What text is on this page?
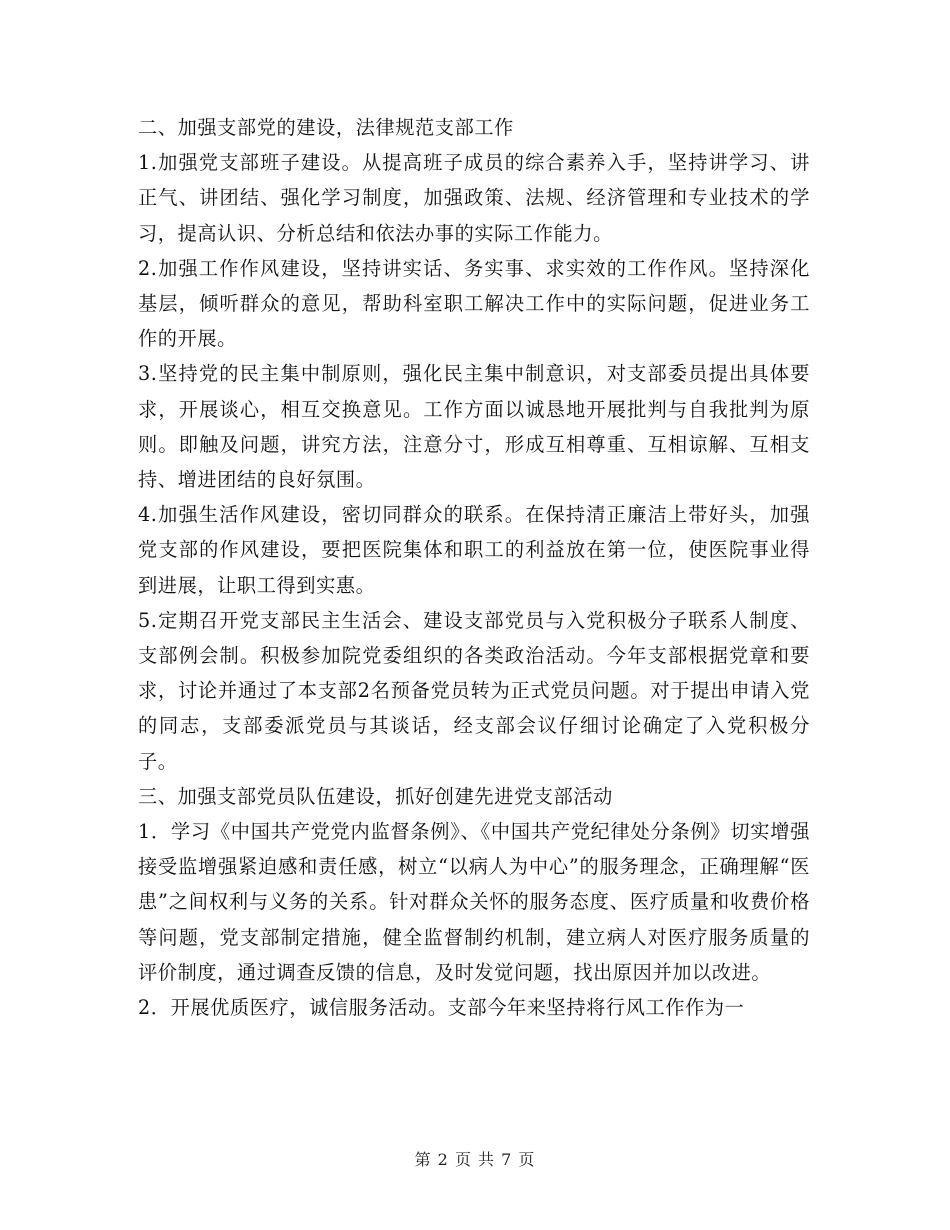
二、加强支部党的建设，法律规范支部工作
1.加强党支部班子建设。从提高班子成员的综合素养入手，坚持讲学习、讲正气、讲团结、强化学习制度，加强政策、法规、经济管理和专业技术的学习，提高认识、分析总结和依法办事的实际工作能力。
2.加强工作作风建设，坚持讲实话、务实事、求实效的工作作风。坚持深化基层，倾听群众的意见，帮助科室职工解决工作中的实际问题，促进业务工作的开展。
3.坚持党的民主集中制原则，强化民主集中制意识，对支部委员提出具体要求，开展谈心，相互交换意见。工作方面以诚恳地开展批判与自我批判为原则。即触及问题，讲究方法，注意分寸，形成互相尊重、互相谅解、互相支持、增进团结的良好氛围。
4.加强生活作风建设，密切同群众的联系。在保持清正廉洁上带好头，加强党支部的作风建设，要把医院集体和职工的利益放在第一位，使医院事业得到进展，让职工得到实惠。
5.定期召开党支部民主生活会、建设支部党员与入党积极分子联系人制度、支部例会制。积极参加院党委组织的各类政治活动。今年支部根据党章和要求，讨论并通过了本支部2名预备党员转为正式党员问题。对于提出申请入党的同志，支部委派党员与其谈话，经支部会议仔细讨论确定了入党积极分子。
三、加强支部党员队伍建设，抓好创建先进党支部活动
1．学习《中国共产党党内监督条例》、《中国共产党纪律处分条例》切实增强接受监增强紧迫感和责任感，树立“以病人为中心”的服务理念，正确理解“医患”之间权利与义务的关系。针对群众关怀的服务态度、医疗质量和收费价格等问题，党支部制定措施，健全监督制约机制，建立病人对医疗服务质量的评价制度，通过调查反馈的信息，及时发觉问题，找出原因并加以改进。
2．开展优质医疗，诚信服务活动。支部今年来坚持将行风工作作为一
第 2 页 共 7 页
